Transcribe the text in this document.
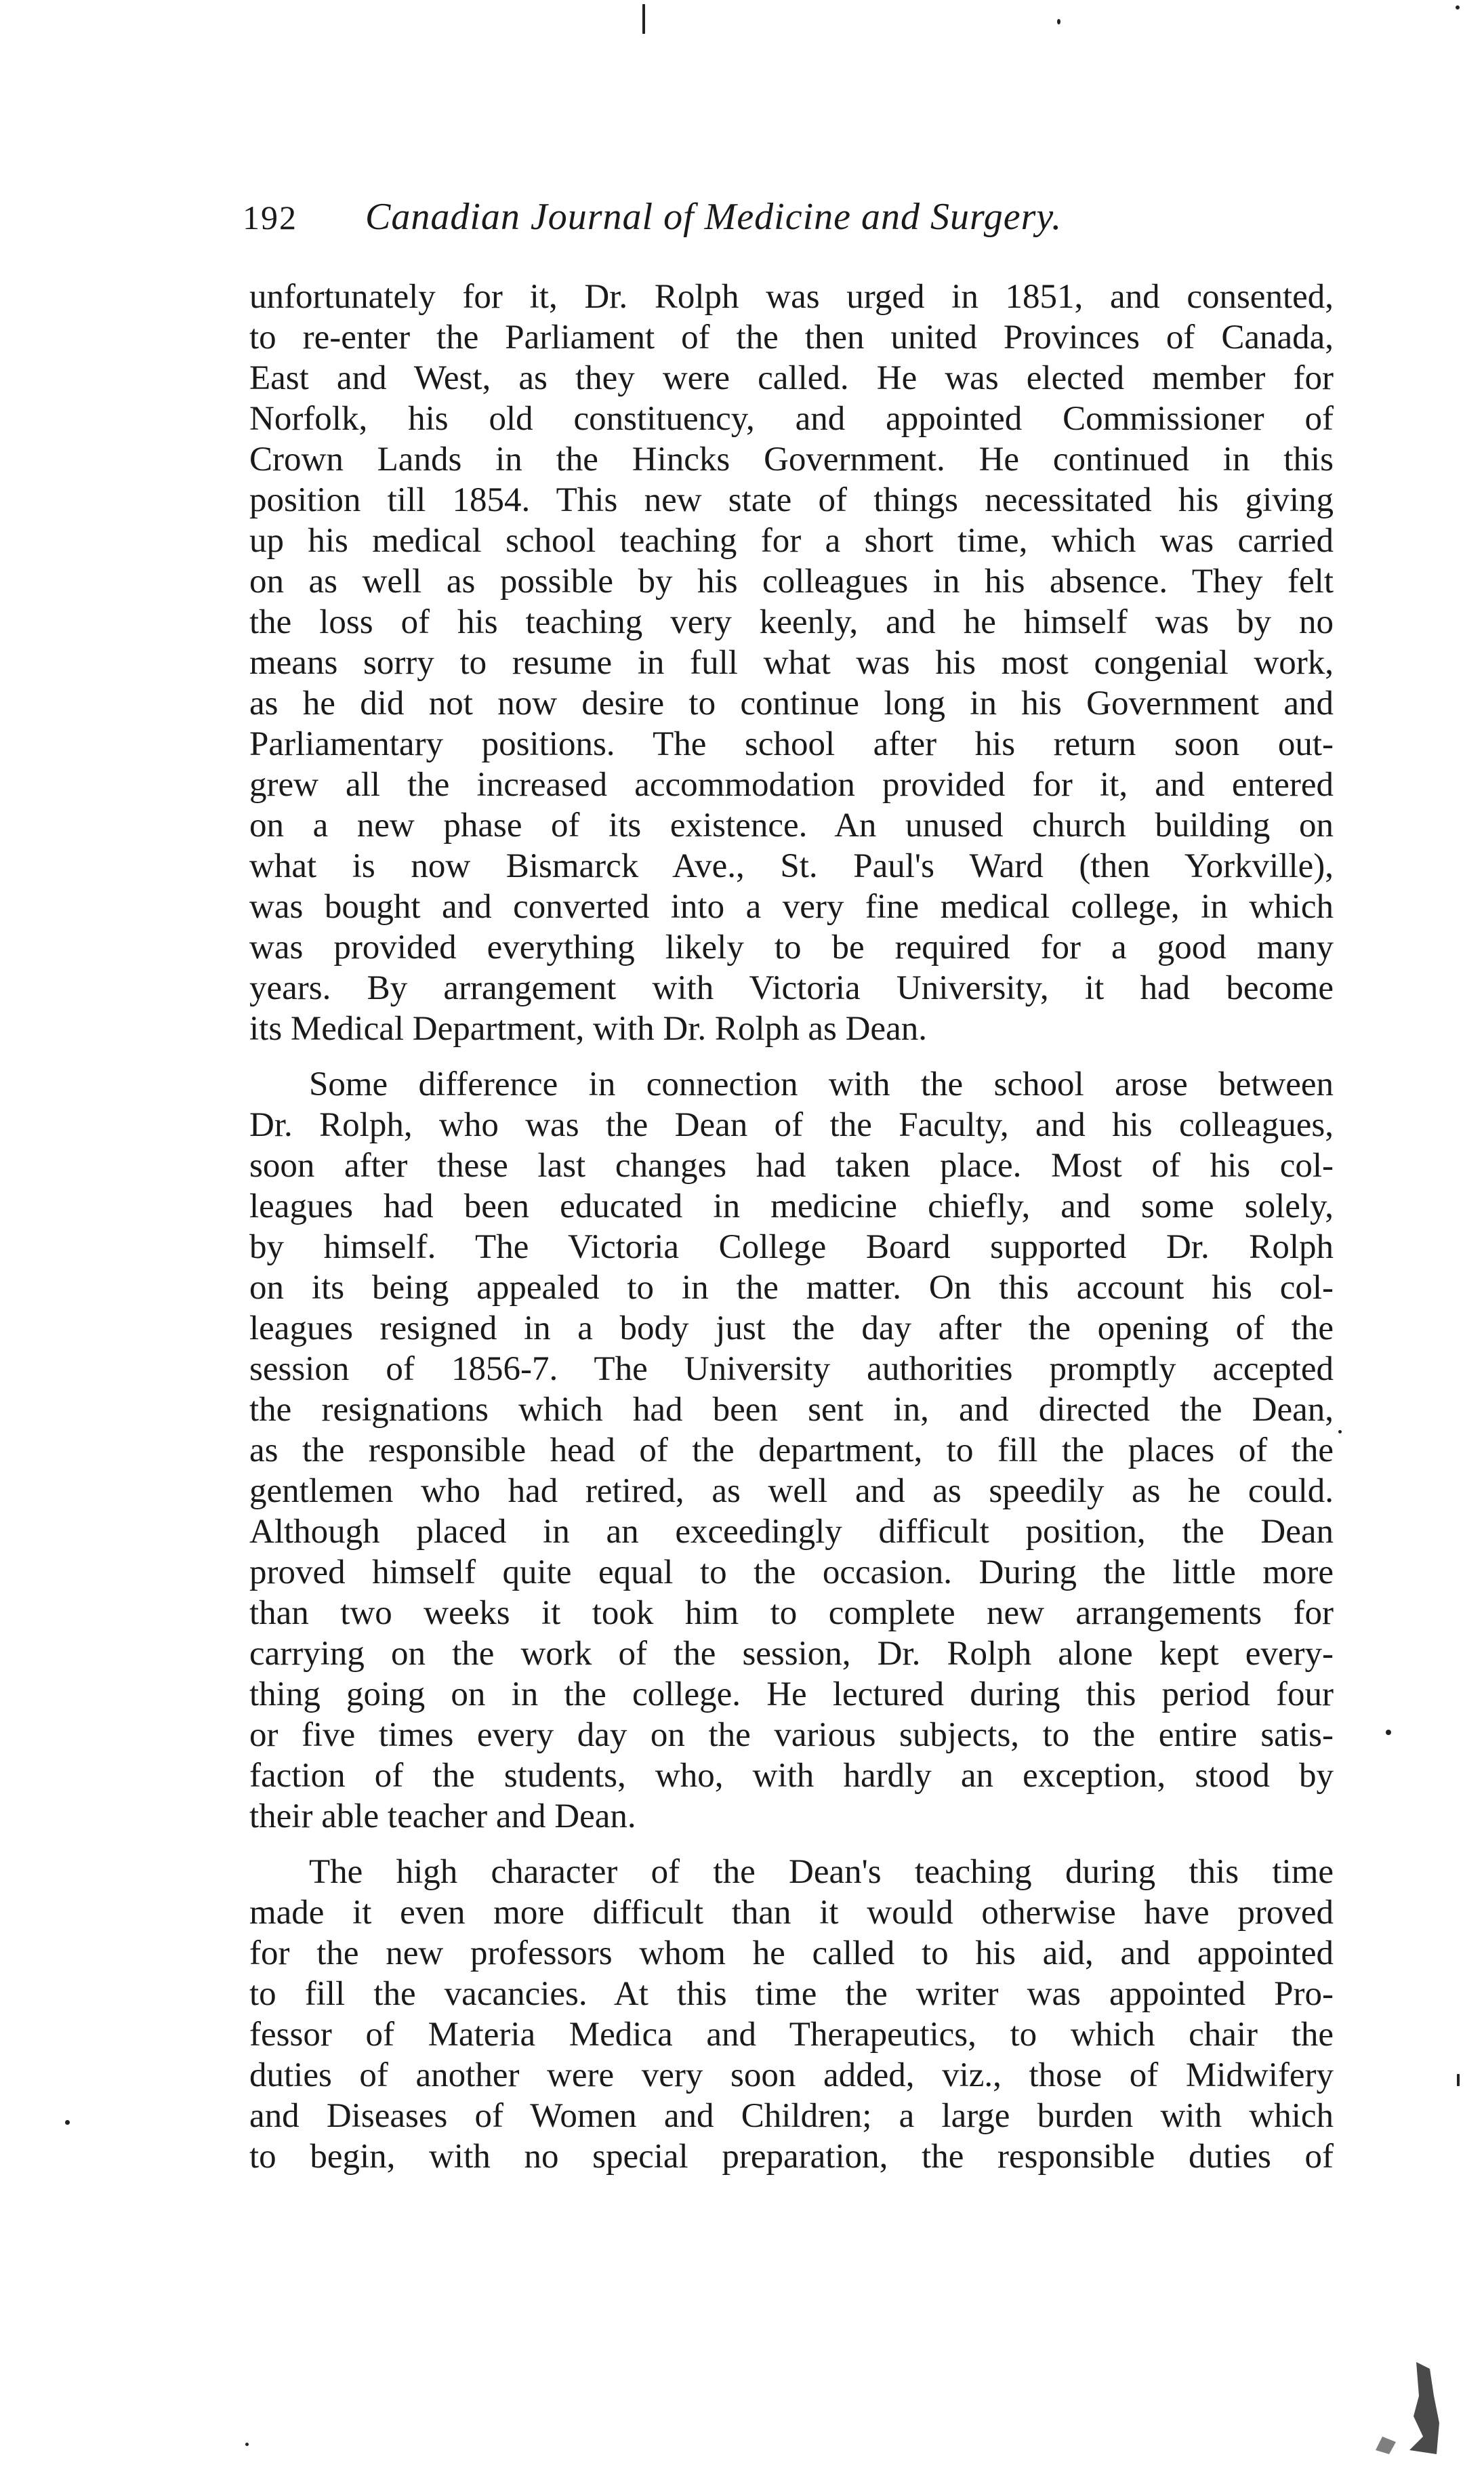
192 Canadian Journal of Medicine and Surgery.
unfortunately for it, Dr. Rolph was urged in 1851, and consented,
to re-enter the Parliament of the then united Provinces of Canada,
East and West, as they were called. He was elected member for
Norfolk, his old constituency, and appointed Commissioner of
Crown Lands in the Hincks Government. He continued in this
position till 1854. This new state of things necessitated his giving
up his medical school teaching for a short time, which was carried
on as well as possible by his colleagues in his absence. They felt
the loss of his teaching very keenly, and he himself was by no
means sorry to resume in full what was his most congenial work,
as he did not now desire to continue long in his Government and
Parliamentary positions. The school after his return soon out-
grew all the increased accommodation provided for it, and entered
on a new phase of its existence. An unused church building on
what is now Bismarck Ave., St. Paul's Ward (then Yorkville),
was bought and converted into a very fine medical college, in which
was provided everything likely to be required for a good many
years. By arrangement with Victoria University, it had become
its Medical Department, with Dr. Rolph as Dean.
Some difference in connection with the school arose between
Dr. Rolph, who was the Dean of the Faculty, and his colleagues,
soon after these last changes had taken place. Most of his col-
leagues had been educated in medicine chiefly, and some solely,
by himself. The Victoria College Board supported Dr. Rolph
on its being appealed to in the matter. On this account his col-
leagues resigned in a body just the day after the opening of the
session of 1856-7. The University authorities promptly accepted
the resignations which had been sent in, and directed the Dean,
as the responsible head of the department, to fill the places of the
gentlemen who had retired, as well and as speedily as he could.
Although placed in an exceedingly difficult position, the Dean
proved himself quite equal to the occasion. During the little more
than two weeks it took him to complete new arrangements for
carrying on the work of the session, Dr. Rolph alone kept every-
thing going on in the college. He lectured during this period four
or five times every day on the various subjects, to the entire satis-
faction of the students, who, with hardly an exception, stood by
their able teacher and Dean.
The high character of the Dean's teaching during this time
made it even more difficult than it would otherwise have proved
for the new professors whom he called to his aid, and appointed
to fill the vacancies. At this time the writer was appointed Pro-
fessor of Materia Medica and Therapeutics, to which chair the
duties of another were very soon added, viz., those of Midwifery
and Diseases of Women and Children; a large burden with which
to begin, with no special preparation, the responsible duties of
